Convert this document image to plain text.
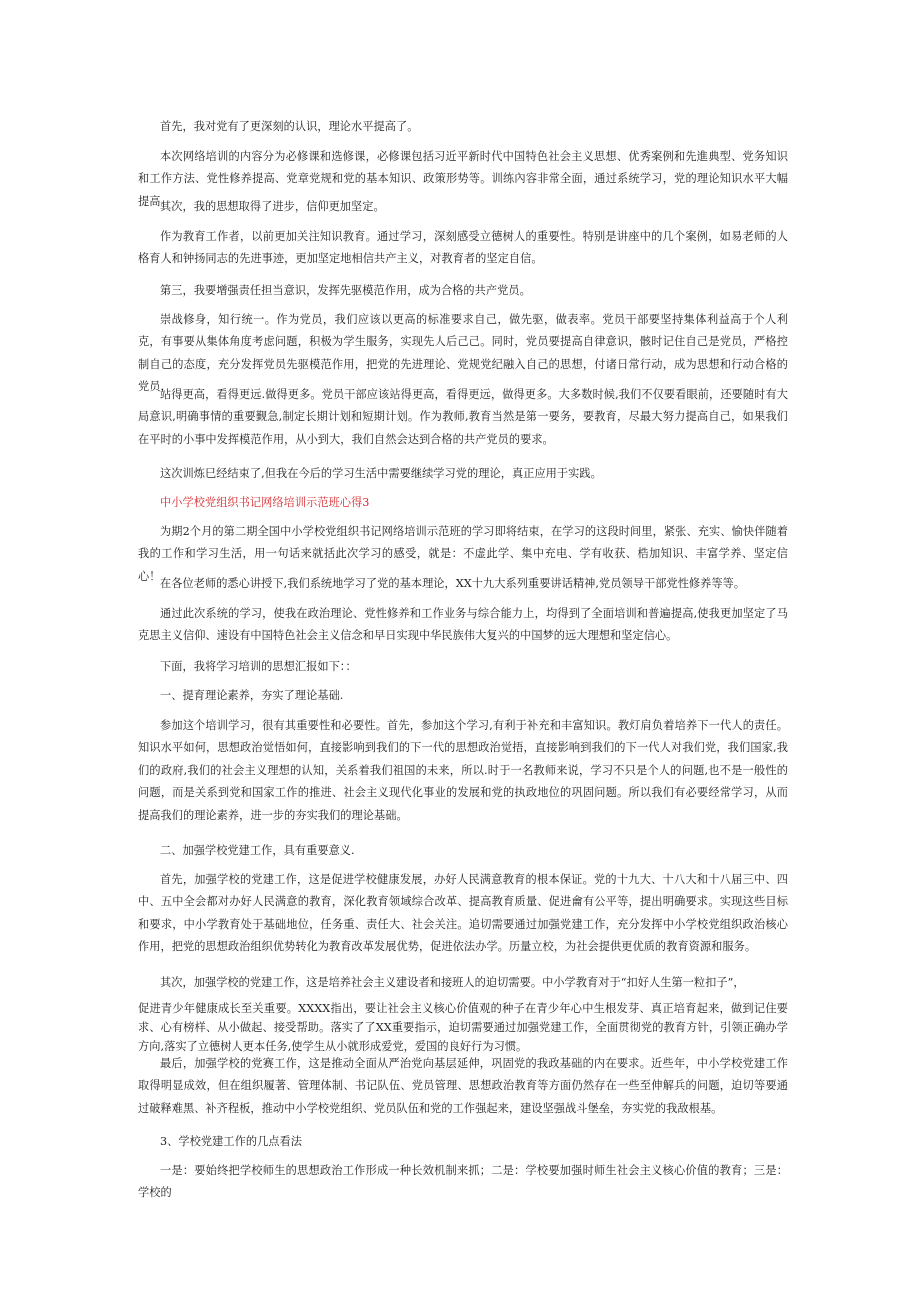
首先，我对党有了更深刻的认识，理论水平提高了。

本次网络培训的内容分为必修课和选修课，必修课包括习近平新时代中国特色社会主义思想、优秀案例和先進典型、党务知识和工作方法、党性修养提高、党章党规和党的基本知识、政策形势等。训练內容非常全面，通过系统学习，党的理论知识水平大幅提高。

其次，我的思想取得了进步，信仰更加坚定。

作为教育工作者，以前更加关注知识教育。通过学习，深刻感受立德树人的重要性。特别是讲座中的几个案例，如易老师的人格育人和钟扬同志的先进事迹，更加坚定地相信共产主义，对教育者的坚定自信。

第三，我要增强责任担当意识，发挥先驱模范作用，成为合格的共产党员。

崇战修身，知行统一。作为党员，我们应该以更高的标准要求自己，做先驱，做表率。党员干部要坚持集体利益高于个人利克，有事要从集体角度考虑问题，积极为学生服务，实现先人后己己。同时，党员要提高自律意识，骸时记住自己是党员，严格控制自己的态度，充分发挥党员先驱模范作用，把党的先进理论、党规党纪融入自己的思想，付诸日常行动，成为思想和行动合格的党员，

站得更高，看得更远.做得更多。党员干部应该站得更高，看得更远，做得更多。大多数时候,我们不仅要看眼前，还要随时有大局意识,明确事情的重要觐急,制定长期计划和短期计划。作为教师,教育当然是第一要务，要教育，尽最大努力提高自己，如果我们在平时的小事中发挥模范作用，从小到大，我们自然会达到合格的共产党员的要求。

这次训炼巳经结束了,但我在今后的学习生活中需要继续学习党的理论，真正应用于实践。

中小学校党组织书记网络培训示范班心得3

为期2个月的第二期全国中小学校党组织书记网络培训示范班的学习即将结束，在学习的这段时间里，紧张、充实、愉快伴随着我的工作和学习生活，用一句话来就括此次学习的感受，就是：不虚此学、集中充电、学有收获、梏加知识、丰富学养、坚定信心！

在各位老师的悉心讲授下,我们系统地学习了党的基本理论，XX十九大系列重要讲话精神,党员领导干部党性修养等等。

通过此次系统的学习，使我在政治理论、党性修养和工作业务与综合能力上，均得到了全面培训和普遍提高,使我更加坚定了马克思主义信仰、速设有中国特色社会主义信念和早日实现中华民族伟大复兴的中国梦的远大理想和坚定信心。

下面，我将学习培训的思想汇报如下：：

一、提育理论素养，夯实了理论基础.

参加这个培训学习，很有其重要性和必要性。首先，参加这个学习,有利于补充和丰富知识。教灯肩负着培养下一代人的责任。知识水平如何，思想政治觉悟如何，直接影响到我们的下一代的思想政治觉捂，直接影响到我们的下一代人对我们党，我们国家,我们的政府,我们的社会主义理想的认知，关系着我们祖国的未来，所以.时于一名教师来说，学习不只是个人的问题,也不是一般性的问题，而是关系到党和国家工作的推进、社会主义现代化事业的发展和党的执政地位的巩固问题。所以我们有必要经常学习，从而提高我们的理论素养，进一步的夯实我们的理论基础。

二、加强学校党建工作，具有重要意义.

首先，加强学校的党建工作，这是促进学校健康发展，办好人民满意教育的根本保证。党的十九大、十八大和十八届三中、四中、五中全会都对办好人民满意的教育，深化教育领域综合改革、提高教育质量、促进龠有公平等，提出明确要求。实现这些目标和要求，中小学教育处于基础地位，任务重、责任大、社会关注。追切需要通过加强党建工作，充分发挥中小学校党组织政治核心作用，把党的思想政治组织优势转化为教育改革发展优势，促进依法办学。历量立校，为社会提供更优质的教育资源和服务。

其次，加强学校的党建工作，这是培养社会主义建设者和接班人的迫切需要。中小学教育对于“扣好人生第一粒扣子”，

促进青少年健康成长至关重要。XXXX指出，要让社会主义核心价值观的种子在青少年心中生根发芽、真正培育起来，做到记住要求、心有榜样、从小做起、接受帮助。落实了了XX重要指示，迫切需要通过加强党建工作，全面贯彻党的教育方针，引领正确办学方向,落实了立德树人更本任务,使学生从小就形成爱党，爱国的良好行为习惯。

最后，加强学校的党赛工作，这是推动全面从严治党向基层延伸，巩固党的我政基础的内在要求。近些年，中小学校党建工作取得明显成效，但在组织履著、管理体制、书记队伍、党员管理、思想政治教育等方面仍然存在一些至伸解兵的问题，迫切等要通过破释难黑、补齐程板，推动中小学校党组织、党员队伍和党的工作强起来，建设坚强战斗堡垒，夯实党的我敌根基。

3、学校党建工作的几点看法

一是：要始终把学校师生的思想政治工作形成一种长效机制来抓；二是：学校要加强时师生社会主义核心价值的教育；三是：学校的
